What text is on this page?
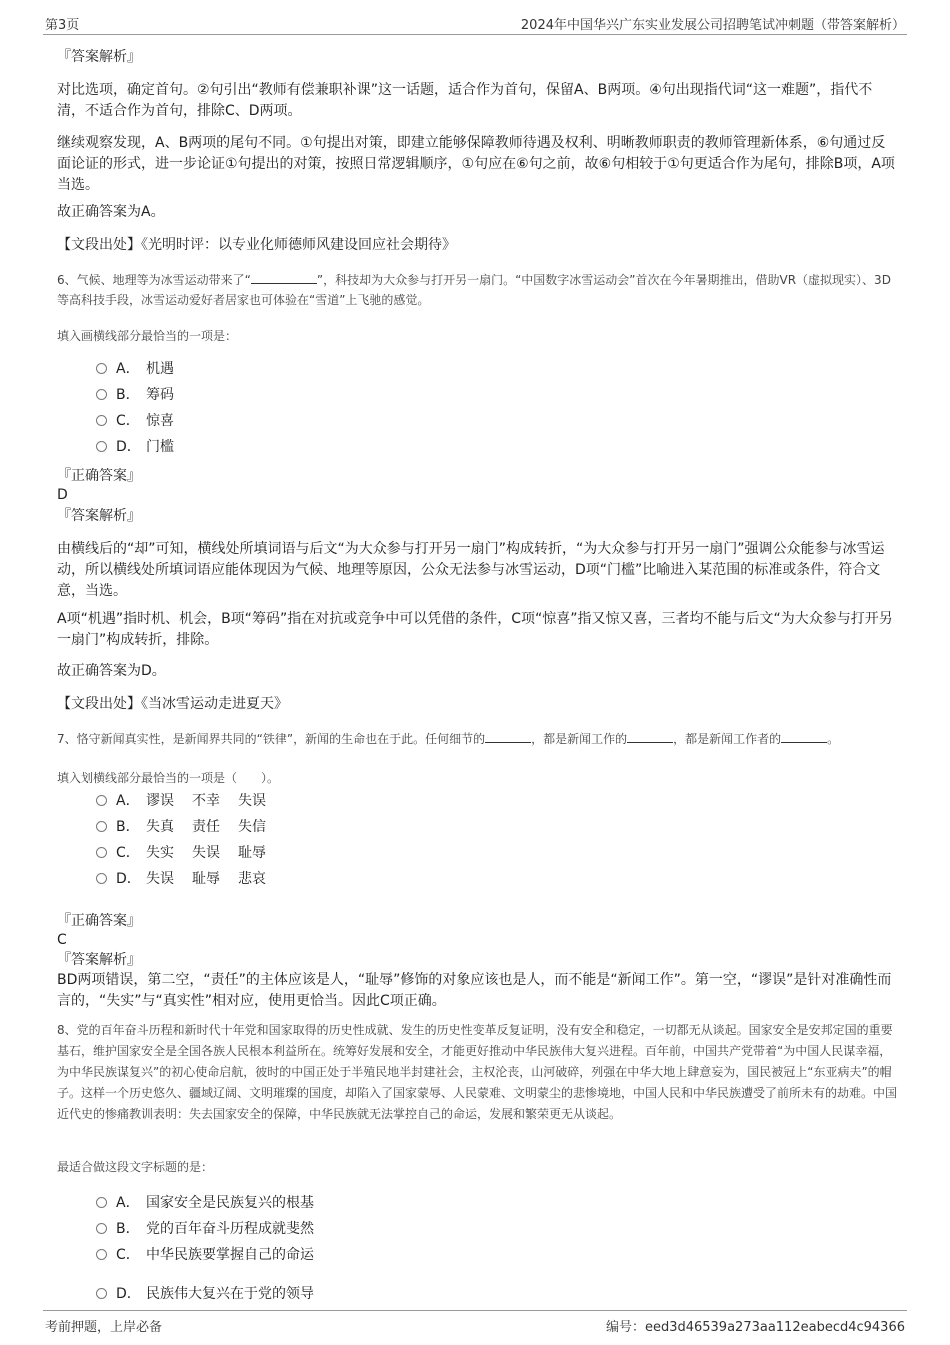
第3页	2024年中国华兴广东实业发展公司招聘笔试冲刺题（带答案解析）
『答案解析』
对比选项，确定首句。②句引出“教师有偿兼职补课”这一话题，适合作为首句，保留A、B两项。④句出现指代词“这一难题”，指代不清，不适合作为首句，排除C、D两项。
继续观察发现，A、B两项的尾句不同。①句提出对策，即建立能够保障教师待遇及权利、明晰教师职责的教师管理新体系，⑥句通过反面论证的形式，进一步论证①句提出的对策，按照日常逻辑顺序，①句应在⑥句之前，故⑥句相较于①句更适合作为尾句，排除B项，A项当选。
故正确答案为A。
【文段出处】《光明时评：以专业化师德师风建设回应社会期待》
6、气候、地理等为冰雪运动带来了“	”，科技却为大众参与打开另一扇门。“中国数字冰雪运动会”首次在今年暑期推出，借助VR（虚拟现实）、3D等高科技手段，冰雪运动爱好者居家也可体验在“雪道”上飞驰的感觉。
填入画横线部分最恰当的一项是：
A． 机遇
B． 筹码
C． 惊喜
D． 门槛
『正确答案』
D
『答案解析』
由横线后的“却”可知，横线处所填词语与后文“为大众参与打开另一扇门”构成转折，“为大众参与打开另一扇门”强调公众能参与冰雪运动，所以横线处所填词语应能体现因为气候、地理等原因，公众无法参与冰雪运动，D项“门槛”比喻进入某范围的标准或条件，符合文意，当选。
A项“机遇”指时机、机会，B项“筹码”指在对抗或竞争中可以凭借的条件，C项“惊喜”指又惊又喜，三者均不能与后文“为大众参与打开另一扇门”构成转折，排除。
故正确答案为D。
【文段出处】《当冰雪运动走进夏天》
7、恪守新闻真实性，是新闻界共同的“铁律”，新闻的生命也在于此。任何细节的	，都是新闻工作的	，都是新闻工作者的	。
填入划横线部分最恰当的一项是（　　）。
A． 谬误 不幸 失误
B． 失真 责任 失信
C． 失实 失误 耻辱
D． 失误 耻辱 悲哀
『正确答案』
C
『答案解析』
BD两项错误，第二空，“责任”的主体应该是人，“耻辱”修饰的对象应该也是人，而不能是“新闻工作”。第一空，“谬误”是针对准确性而言的，“失实”与“真实性”相对应，使用更恰当。因此C项正确。
8、党的百年奋斗历程和新时代十年党和国家取得的历史性成就、发生的历史性变革反复证明，没有安全和稳定，一切都无从谈起。国家安全是安邦定国的重要基石，维护国家安全是全国各族人民根本利益所在。统筹好发展和安全，才能更好推动中华民族伟大复兴进程。百年前，中国共产党带着“为中国人民谋幸福，为中华民族谋复兴”的初心使命启航，彼时的中国正处于半殖民地半封建社会，主权沦丧，山河破碎，列强在中华大地上肆意妄为，国民被冠上“东亚病夫”的帽子。这样一个历史悠久、疆域辽阔、文明璀璨的国度，却陷入了国家蒙辱、人民蒙难、文明蒙尘的悲惨境地，中国人民和中华民族遭受了前所未有的劫难。中国近代史的惨痛教训表明：失去国家安全的保障，中华民族就无法掌控自己的命运，发展和繁荣更无从谈起。
最适合做这段文字标题的是：
A． 国家安全是民族复兴的根基
B． 党的百年奋斗历程成就斐然
C． 中华民族要掌握自己的命运
D． 民族伟大复兴在于党的领导
考前押题，上岸必备	编号：eed3d46539a273aa112eabecd4c94366
